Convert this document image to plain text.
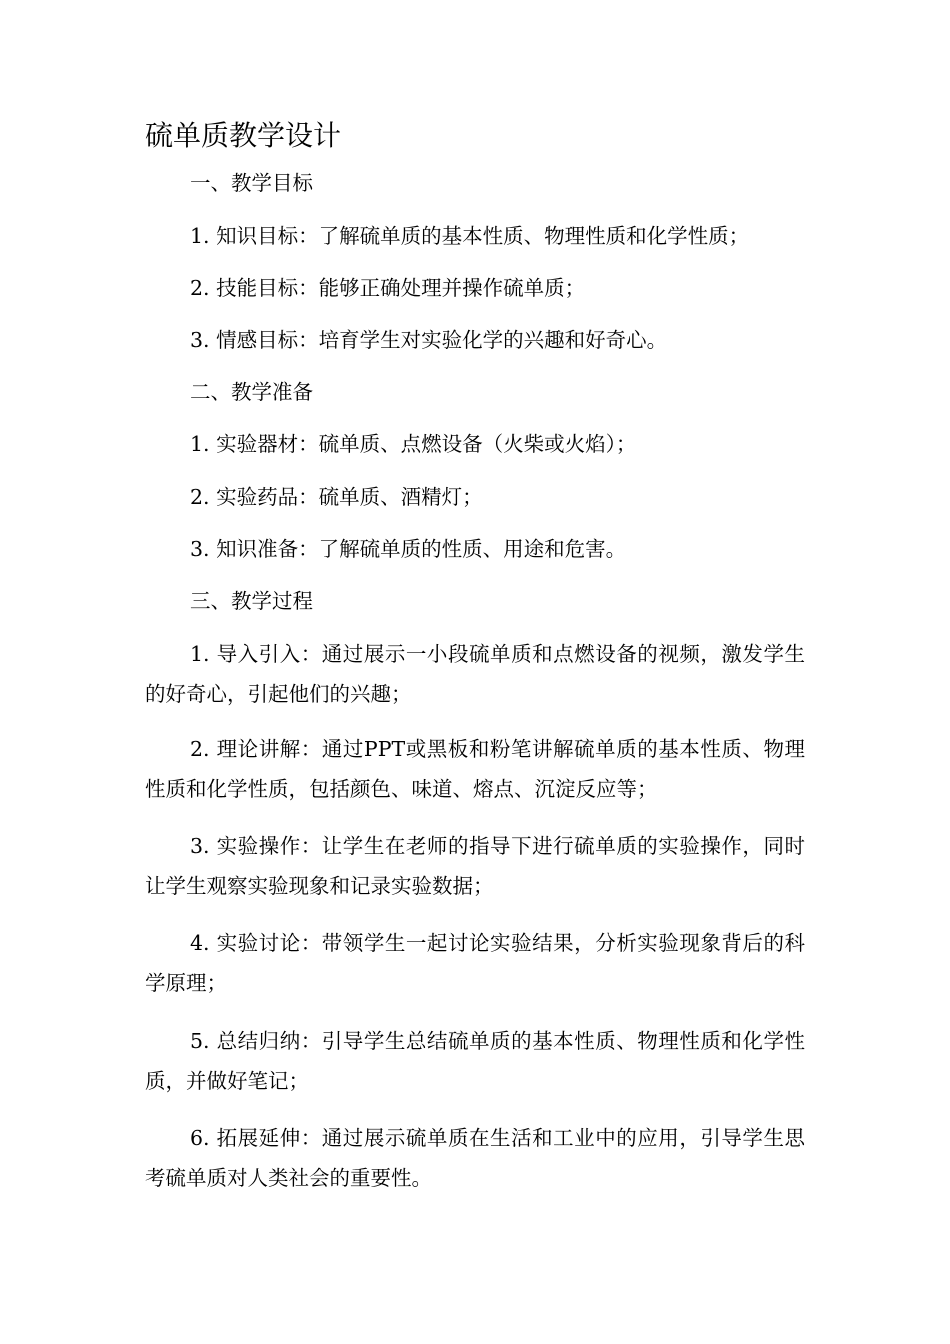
硫单质教学设计

一、教学目标

1. 知识目标：了解硫单质的基本性质、物理性质和化学性质；

2. 技能目标：能够正确处理并操作硫单质；

3. 情感目标：培育学生对实验化学的兴趣和好奇心。

二、教学准备

1. 实验器材：硫单质、点燃设备（火柴或火焰）；

2. 实验药品：硫单质、酒精灯；

3. 知识准备：了解硫单质的性质、用途和危害。

三、教学过程

1. 导入引入：通过展示一小段硫单质和点燃设备的视频，激发学生的好奇心，引起他们的兴趣；

2. 理论讲解：通过PPT或黑板和粉笔讲解硫单质的基本性质、物理性质和化学性质，包括颜色、味道、熔点、沉淀反应等；

3. 实验操作：让学生在老师的指导下进行硫单质的实验操作，同时让学生观察实验现象和记录实验数据；

4. 实验讨论：带领学生一起讨论实验结果，分析实验现象背后的科学原理；

5. 总结归纳：引导学生总结硫单质的基本性质、物理性质和化学性质，并做好笔记；

6. 拓展延伸：通过展示硫单质在生活和工业中的应用，引导学生思考硫单质对人类社会的重要性。
